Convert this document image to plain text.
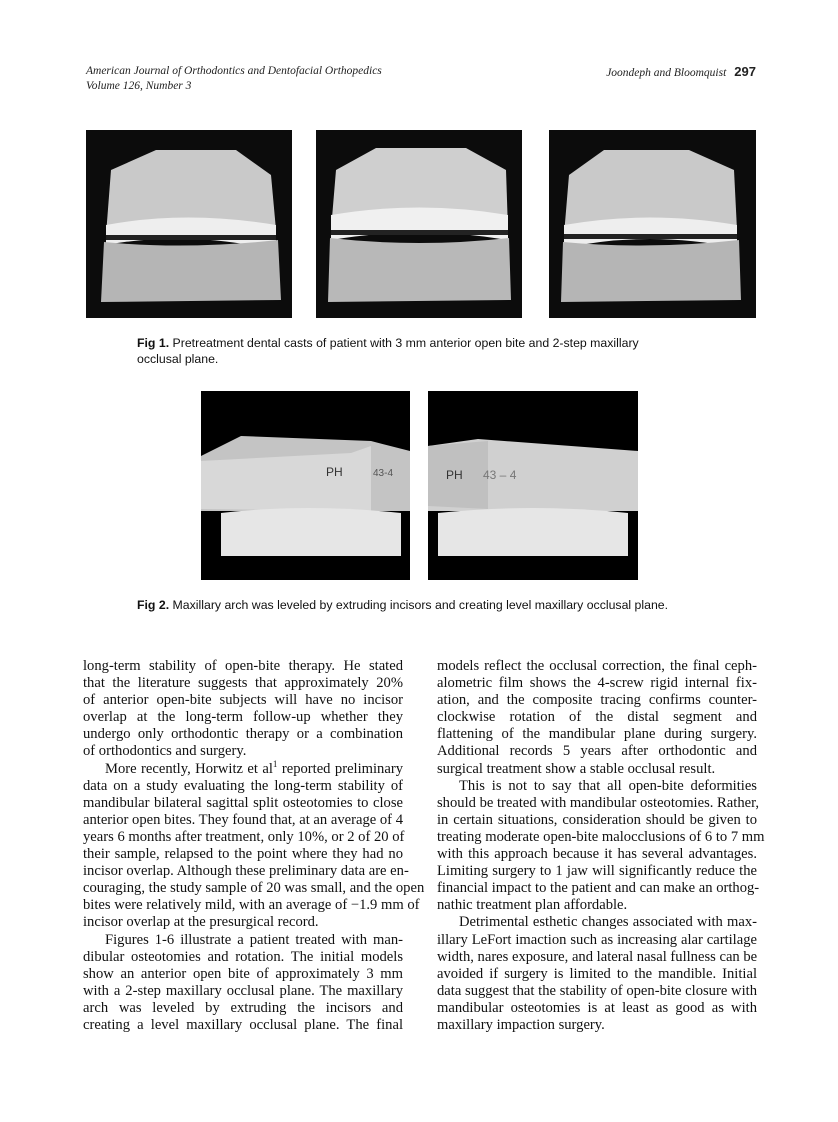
American Journal of Orthodontics and Dentofacial Orthopedics
Volume 126, Number 3
Joondeph and Bloomquist 297
Fig 1. Pretreatment dental casts of patient with 3 mm anterior open bite and 2-step maxillary
occlusal plane.
PH	43-4	PH 43 – 4
Fig 2. Maxillary arch was leveled by extruding incisors and creating level maxillary occlusal plane.
long-term stability of open-bite therapy. He stated
that the literature suggests that approximately 20%
of anterior open-bite subjects will have no incisor
overlap at the long-term follow-up whether they
undergo only orthodontic therapy or a combination
of orthodontics and surgery.
More recently, Horwitz et $al^1$ reported preliminary
data on a study evaluating the long-term stability of
mandibular bilateral sagittal split osteotomies to close
anterior open bites. They found that, at an average of 4
years 6 months after treatment, only 10%, or 2 of 20 of
their sample, relapsed to the point where they had no
incisor overlap. Although these preliminary data are en-
couraging, the study sample of 20 was small, and the open
bites were relatively mild, with an average of −1.9 mm of
incisor overlap at the presurgical record.
Figures 1-6 illustrate a patient treated with man-
dibular osteotomies and rotation. The initial models
show an anterior open bite of approximately 3 mm
with a 2-step maxillary occlusal plane. The maxillary
arch was leveled by extruding the incisors and
creating a level maxillary occlusal plane. The final
models reflect the occlusal correction, the final ceph-
alometric film shows the 4-screw rigid internal fix-
ation, and the composite tracing confirms counter-
clockwise rotation of the distal segment and
flattening of the mandibular plane during surgery.
Additional records 5 years after orthodontic and
surgical treatment show a stable occlusal result.
This is not to say that all open-bite deformities
should be treated with mandibular osteotomies. Rather,
in certain situations, consideration should be given to
treating moderate open-bite malocclusions of 6 to 7 mm
with this approach because it has several advantages.
Limiting surgery to 1 jaw will significantly reduce the
financial impact to the patient and can make an orthog-
nathic treatment plan affordable.
Detrimental esthetic changes associated with max-
illary LeFort imaction such as increasing alar cartilage
width, nares exposure, and lateral nasal fullness can be
avoided if surgery is limited to the mandible. Initial
data suggest that the stability of open-bite closure with
mandibular osteotomies is at least as good as with
maxillary impaction surgery.
